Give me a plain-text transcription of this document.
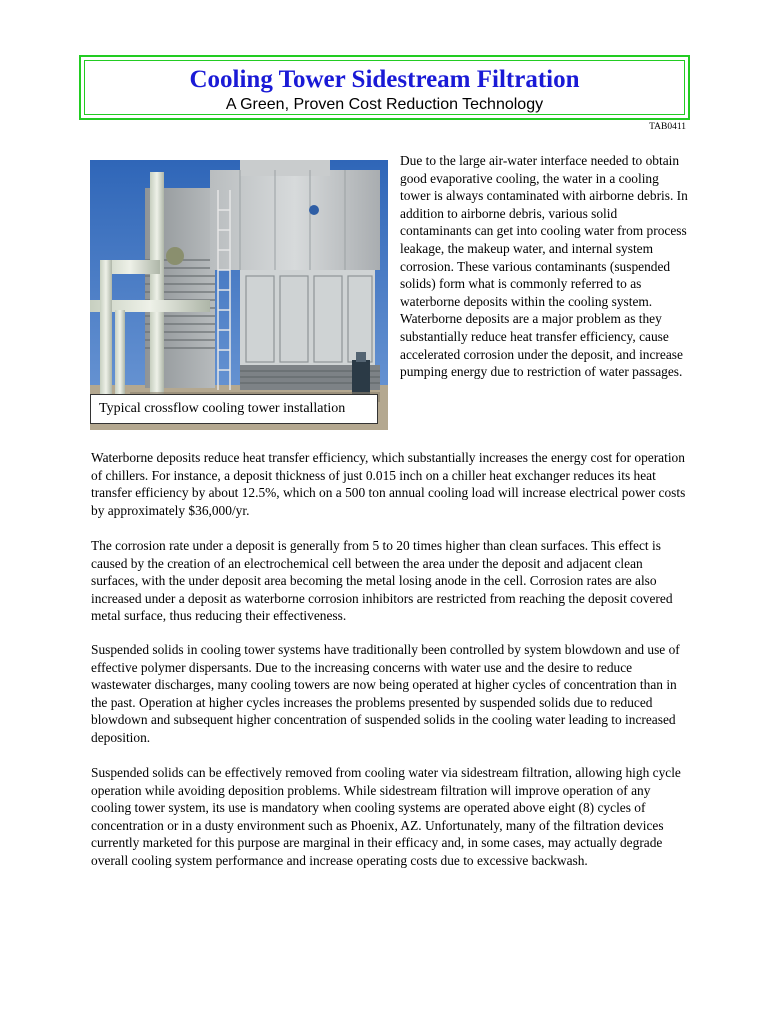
Cooling Tower Sidestream Filtration
A Green, Proven Cost Reduction Technology
TAB0411
Typical crossflow cooling tower installation
Due to the large air-water interface needed to obtain good evaporative cooling, the water in a cooling tower is always contaminated with airborne debris. In addition to airborne debris, various solid contaminants can get into cooling water from process leakage, the makeup water, and internal system corrosion. These various contaminants (suspended solids) form what is commonly referred to as waterborne deposits within the cooling system. Waterborne deposits are a major problem as they substantially reduce heat transfer efficiency, cause accelerated corrosion under the deposit, and increase pumping energy due to restriction of water passages.

Waterborne deposits reduce heat transfer efficiency, which substantially increases the energy cost for operation of chillers. For instance, a deposit thickness of just 0.015 inch on a chiller heat exchanger reduces its heat transfer efficiency by about 12.5%, which on a 500 ton annual cooling load will increase electrical power costs by approximately $36,000/yr.

The corrosion rate under a deposit is generally from 5 to 20 times higher than clean surfaces. This effect is caused by the creation of an electrochemical cell between the area under the deposit and adjacent clean surfaces, with the under deposit area becoming the metal losing anode in the cell. Corrosion rates are also increased under a deposit as waterborne corrosion inhibitors are restricted from reaching the deposit covered metal surface, thus reducing their effectiveness.

Suspended solids in cooling tower systems have traditionally been controlled by system blowdown and use of effective polymer dispersants. Due to the increasing concerns with water use and the desire to reduce wastewater discharges, many cooling towers are now being operated at higher cycles of concentration than in the past. Operation at higher cycles increases the problems presented by suspended solids due to reduced blowdown and subsequent higher concentration of suspended solids in the cooling water leading to increased deposition.

Suspended solids can be effectively removed from cooling water via sidestream filtration, allowing high cycle operation while avoiding deposition problems. While sidestream filtration will improve operation of any cooling tower system, its use is mandatory when cooling systems are operated above eight (8) cycles of concentration or in a dusty environment such as Phoenix, AZ. Unfortunately, many of the filtration devices currently marketed for this purpose are marginal in their efficacy and, in some cases, may actually degrade overall cooling system performance and increase operating costs due to excessive backwash.
